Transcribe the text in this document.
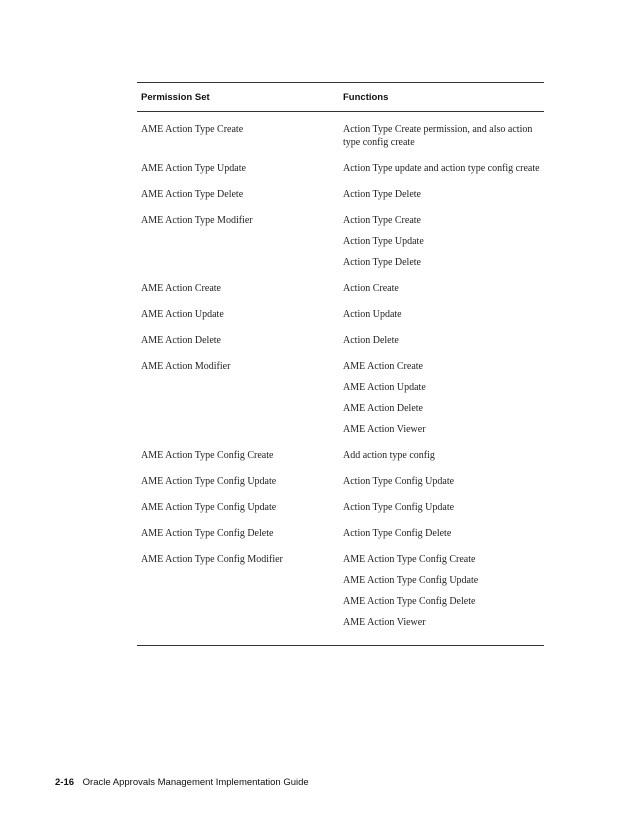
Permission Set	Functions
AME Action Type Create	Action Type Create permission, and also action type config create
AME Action Type Update	Action Type update and action type config create
AME Action Type Delete	Action Type Delete
AME Action Type Modifier	Action Type Create
Action Type Update
Action Type Delete
AME Action Create	Action Create
AME Action Update	Action Update
AME Action Delete	Action Delete
AME Action Modifier	AME Action Create
AME Action Update
AME Action Delete
AME Action Viewer
AME Action Type Config Create	Add action type config
AME Action Type Config Update	Action Type Config Update
AME Action Type Config Update	Action Type Config Update
AME Action Type Config Delete	Action Type Config Delete
AME Action Type Config Modifier	AME Action Type Config Create
AME Action Type Config Update
AME Action Type Config Delete
AME Action Viewer
2-16 Oracle Approvals Management Implementation Guide
